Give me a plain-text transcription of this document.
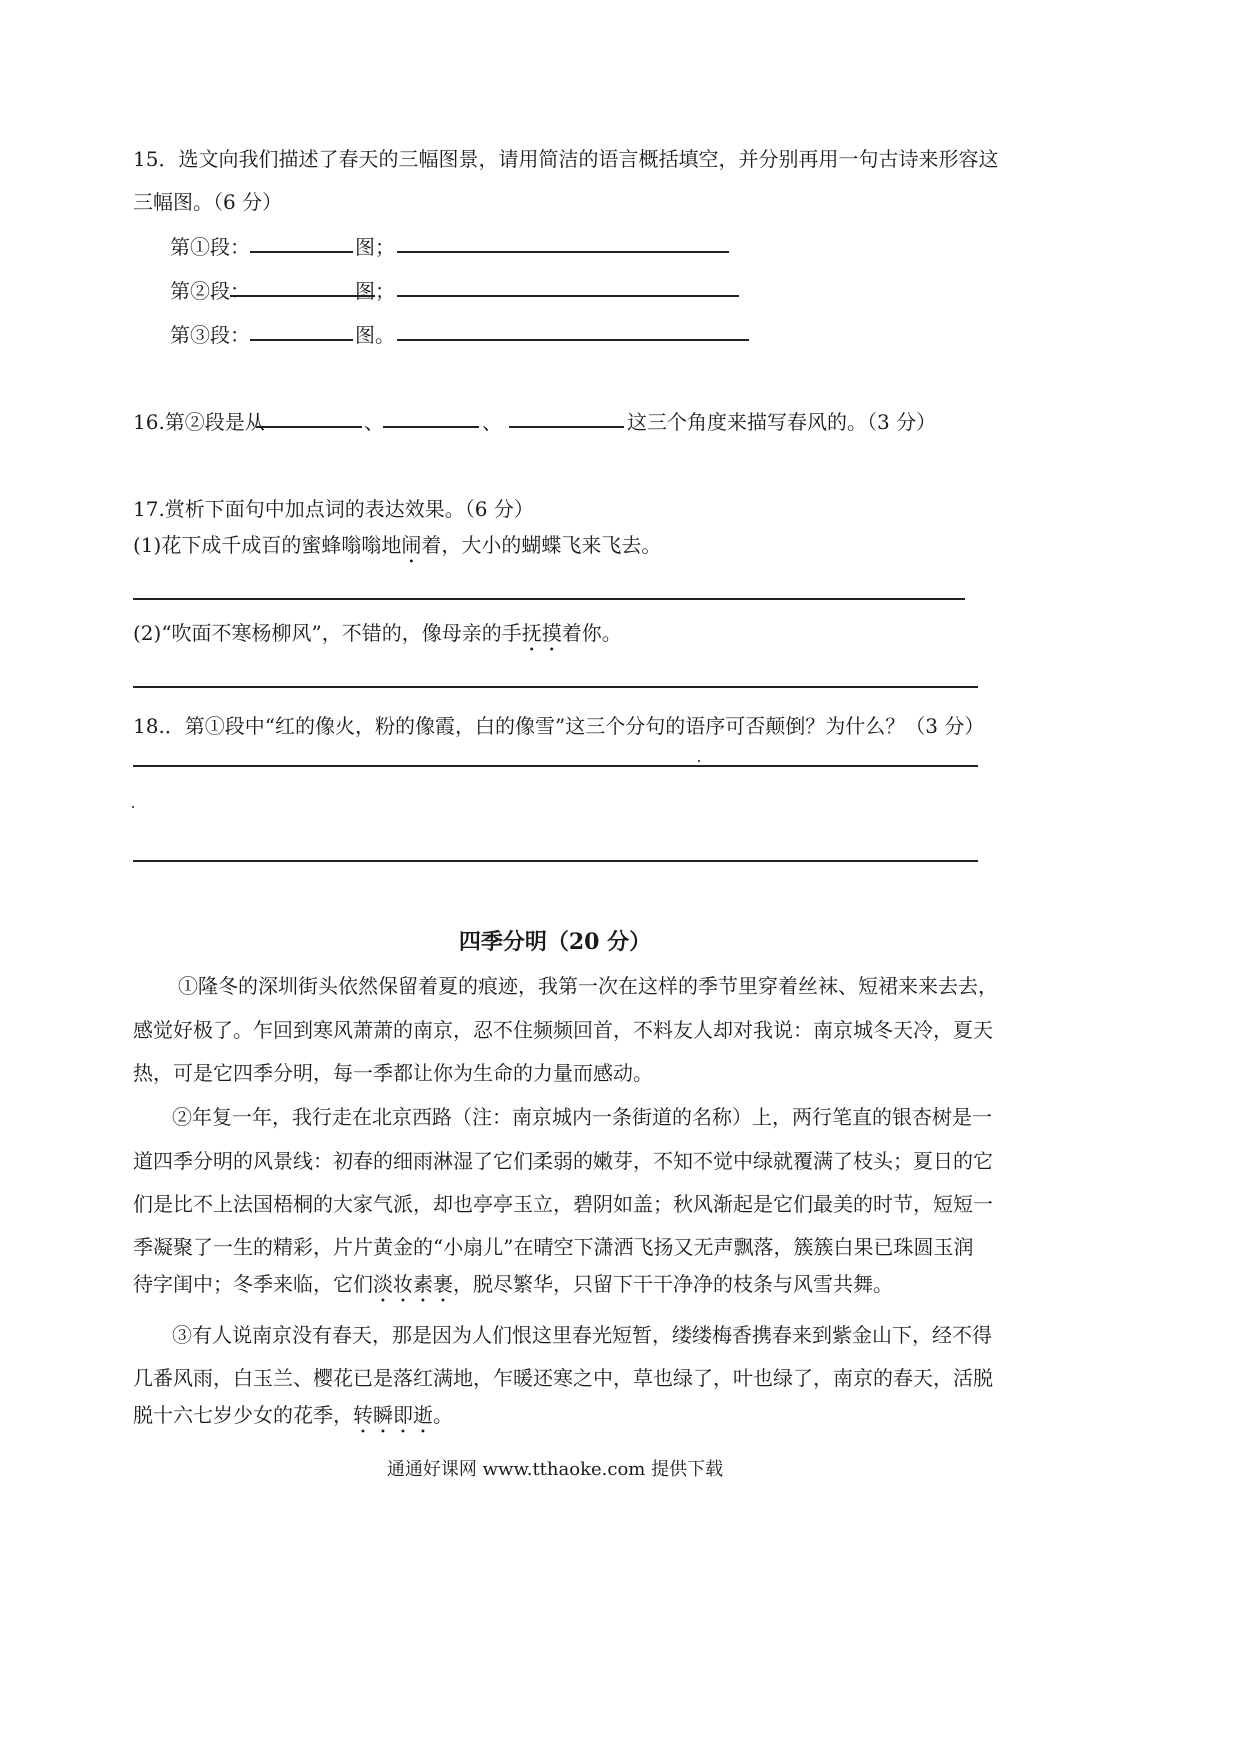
15．选文向我们描述了春天的三幅图景，请用简洁的语言概括填空，并分别再用一句古诗来形容这
三幅图。（6 分）
第①段：	图；
第②段：	图；
第③段：	图。
16.第②段是从	、	、	这三个角度来描写春风的。（3 分）
17.赏析下面句中加点词的表达效果。（6 分）
(1)花下成千成百的蜜蜂嗡嗡地闹着，大小的蝴蝶飞来飞去。
(2)“吹面不寒杨柳风”，不错的，像母亲的手抚摸着你。
18.．第①段中“红的像火，粉的像霞，白的像雪”这三个分句的语序可否颠倒？为什么？（3 分）
四季分明（20 分）
①隆冬的深圳街头依然保留着夏的痕迹，我第一次在这样的季节里穿着丝袜、短裙来来去去，
感觉好极了。乍回到寒风萧萧的南京，忍不住频频回首，不料友人却对我说：南京城冬天冷，夏天
热，可是它四季分明，每一季都让你为生命的力量而感动。
②年复一年，我行走在北京西路（注：南京城内一条街道的名称）上，两行笔直的银杏树是一
道四季分明的风景线：初春的细雨淋湿了它们柔弱的嫩芽，不知不觉中绿就覆满了枝头；夏日的它
们是比不上法国梧桐的大家气派，却也亭亭玉立，碧阴如盖；秋风渐起是它们最美的时节，短短一
季凝聚了一生的精彩，片片黄金的“小扇儿”在晴空下潇洒飞扬又无声飘落，簇簇白果已珠圆玉润
待字闺中；冬季来临，它们淡妆素裹，脱尽繁华，只留下干干净净的枝条与风雪共舞。
③有人说南京没有春天，那是因为人们恨这里春光短暂，缕缕梅香携春来到紫金山下，经不得
几番风雨，白玉兰、樱花已是落红满地，乍暖还寒之中，草也绿了，叶也绿了，南京的春天，活脱
脱十六七岁少女的花季，转瞬即逝。
通通好课网 www.tthaoke.com 提供下载
